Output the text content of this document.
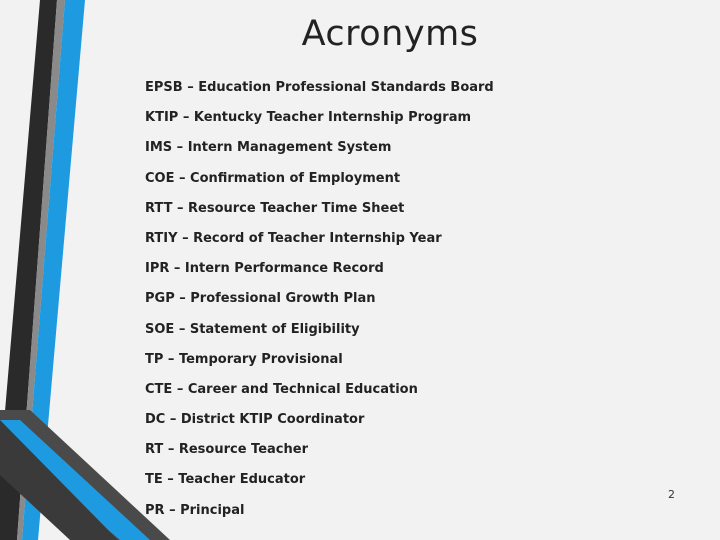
Acronyms
EPSB – Education Professional Standards Board
KTIP – Kentucky Teacher Internship Program
IMS – Intern Management System
COE – Confirmation of Employment
RTT – Resource Teacher Time Sheet
RTIY – Record of Teacher Internship Year
IPR – Intern Performance Record
PGP – Professional Growth Plan
SOE – Statement of Eligibility
TP – Temporary Provisional
CTE – Career and Technical Education
DC – District KTIP Coordinator
RT – Resource Teacher
TE – Teacher Educator
PR – Principal
2
